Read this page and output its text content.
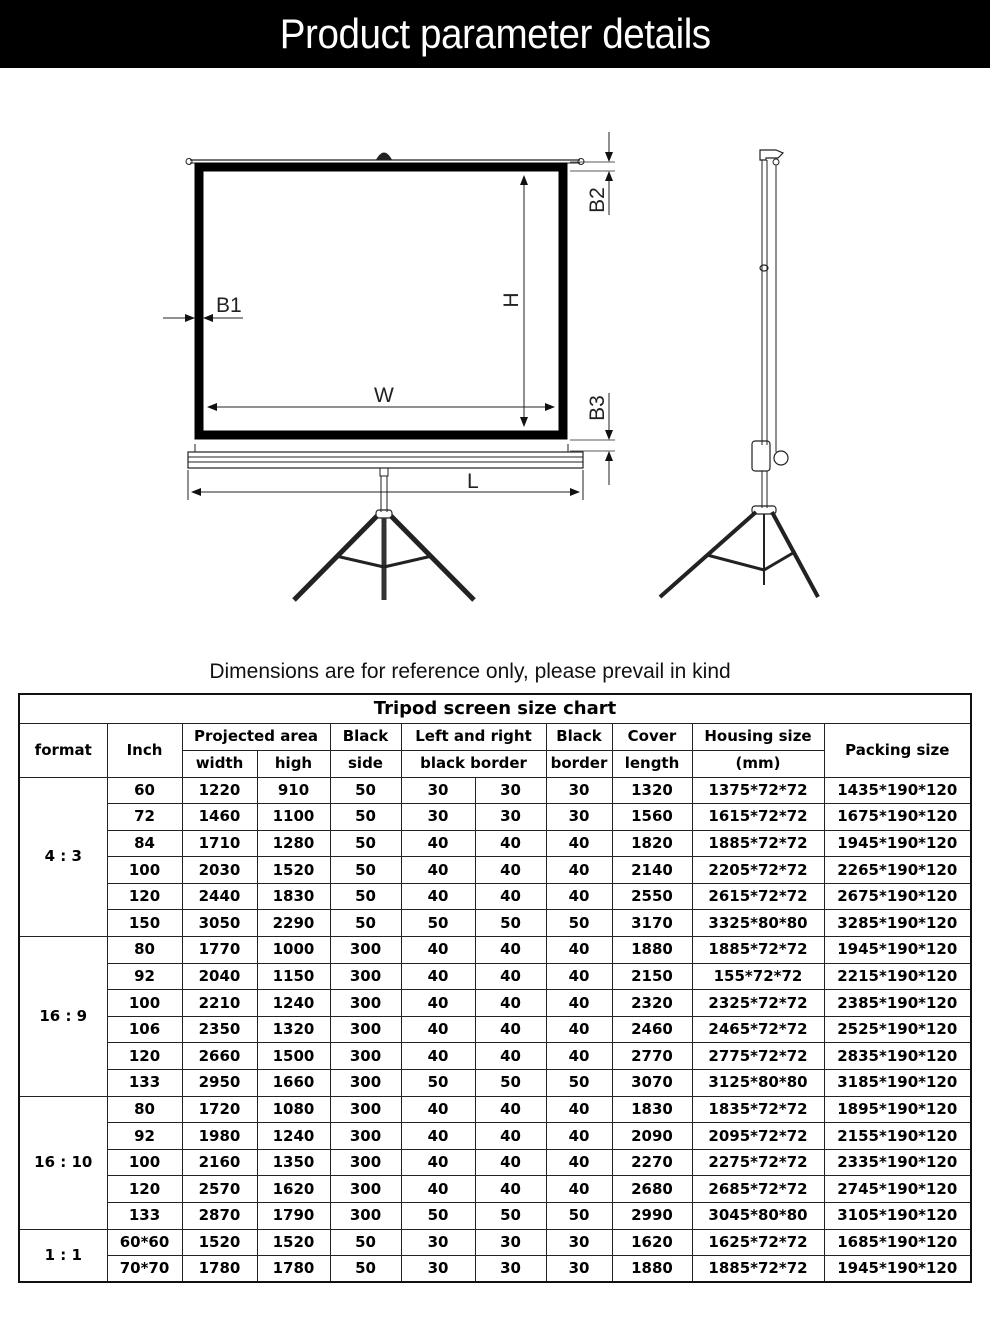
Product parameter details
B1
W
L
H
B2
B3
Dimensions are for reference only, please prevail in kind
Tripod screen size chart										
format	Inch	Projected area		Black	Left and right		Black	Cover	Housing size	Packing size
		width	high	side	black border		border	length	(mm)	
4 : 3	60	1220	910	50	30	30	30	1320	1375*72*72	1435*190*120
	72	1460	1100	50	30	30	30	1560	1615*72*72	1675*190*120
	84	1710	1280	50	40	40	40	1820	1885*72*72	1945*190*120
	100	2030	1520	50	40	40	40	2140	2205*72*72	2265*190*120
	120	2440	1830	50	40	40	40	2550	2615*72*72	2675*190*120
	150	3050	2290	50	50	50	50	3170	3325*80*80	3285*190*120
16 : 9	80	1770	1000	300	40	40	40	1880	1885*72*72	1945*190*120
	92	2040	1150	300	40	40	40	2150	155*72*72	2215*190*120
	100	2210	1240	300	40	40	40	2320	2325*72*72	2385*190*120
	106	2350	1320	300	40	40	40	2460	2465*72*72	2525*190*120
	120	2660	1500	300	40	40	40	2770	2775*72*72	2835*190*120
	133	2950	1660	300	50	50	50	3070	3125*80*80	3185*190*120
16 : 10	80	1720	1080	300	40	40	40	1830	1835*72*72	1895*190*120
	92	1980	1240	300	40	40	40	2090	2095*72*72	2155*190*120
	100	2160	1350	300	40	40	40	2270	2275*72*72	2335*190*120
	120	2570	1620	300	40	40	40	2680	2685*72*72	2745*190*120
	133	2870	1790	300	50	50	50	2990	3045*80*80	3105*190*120
1 : 1	60*60	1520	1520	50	30	30	30	1620	1625*72*72	1685*190*120
	70*70	1780	1780	50	30	30	30	1880	1885*72*72	1945*190*120
